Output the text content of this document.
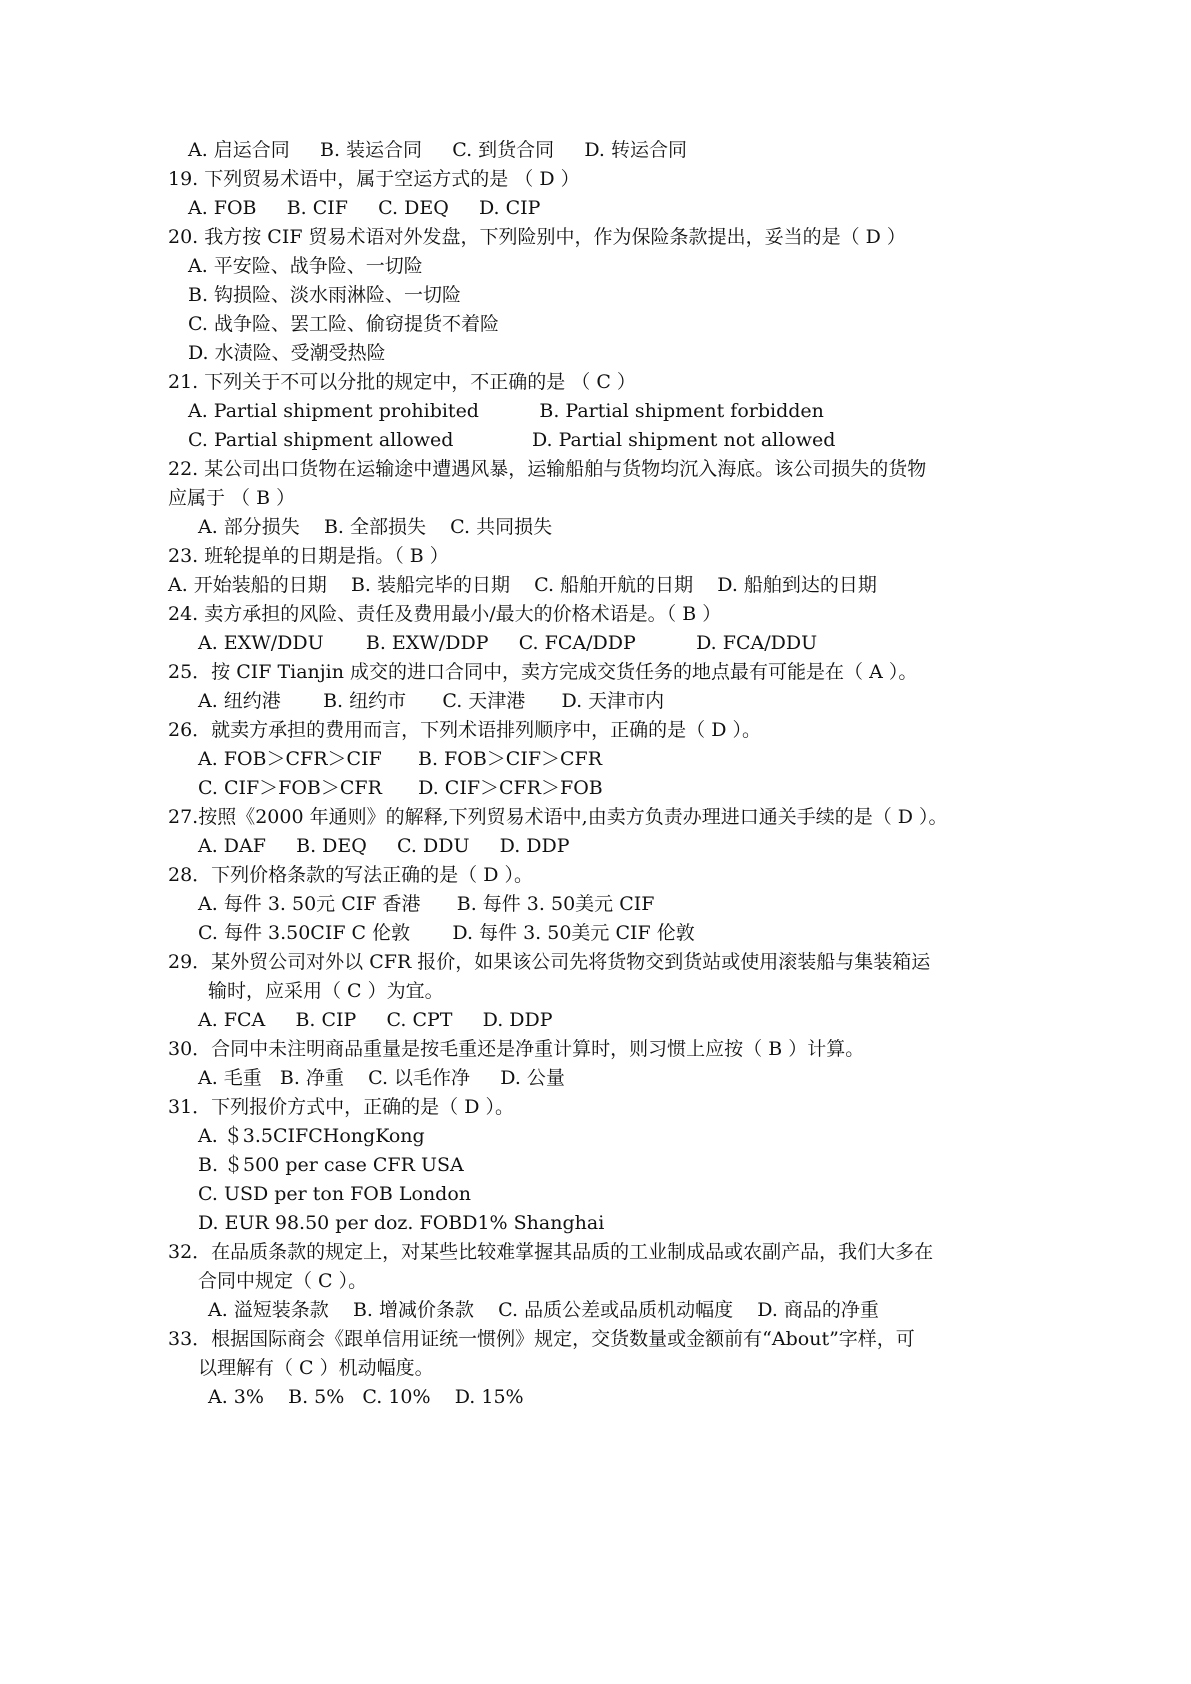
A. 启运合同     B. 装运合同     C. 到货合同     D. 转运合同
19. 下列贸易术语中，属于空运方式的是 （ D ）
A. FOB     B. CIF     C. DEQ     D. CIP
20. 我方按 CIF 贸易术语对外发盘，下列险别中，作为保险条款提出，妥当的是（ D ）
A. 平安险、战争险、一切险
B. 钩损险、淡水雨淋险、一切险
C. 战争险、罢工险、偷窃提货不着险
D. 水渍险、受潮受热险
21. 下列关于不可以分批的规定中，不正确的是 （ C ）
A. Partial shipment prohibited          B. Partial shipment forbidden
C. Partial shipment allowed             D. Partial shipment not allowed
22. 某公司出口货物在运输途中遭遇风暴，运输船舶与货物均沉入海底。该公司损失的货物
应属于 （ B ）
A. 部分损失    B. 全部损失    C. 共同损失
23. 班轮提单的日期是指。（ B ）
A. 开始装船的日期    B. 装船完毕的日期    C. 船舶开航的日期    D. 船舶到达的日期
24. 卖方承担的风险、责任及费用最小/最大的价格术语是。（ B ）
A. EXW/DDU       B. EXW/DDP     C. FCA/DDP          D. FCA/DDU
25．按 CIF Tianjin 成交的进口合同中，卖方完成交货任务的地点最有可能是在（ A ）。
A. 纽约港       B. 纽约市      C. 天津港      D. 天津市内
26．就卖方承担的费用而言，下列术语排列顺序中，正确的是（ D ）。
A. FOB＞CFR＞CIF      B. FOB＞CIF＞CFR
C. CIF＞FOB＞CFR      D. CIF＞CFR＞FOB
27.按照《2000 年通则》的解释,下列贸易术语中,由卖方负责办理进口通关手续的是（ D ）。
A. DAF     B. DEQ     C. DDU     D. DDP
28．下列价格条款的写法正确的是（ D ）。
A. 每件 3. 50元 CIF 香港      B. 每件 3. 50美元 CIF
C. 每件 3.50CIF C 伦敦       D. 每件 3. 50美元 CIF 伦敦
29．某外贸公司对外以 CFR 报价，如果该公司先将货物交到货站或使用滚装船与集装箱运
输时，应采用（ C ）为宜。
A. FCA     B. CIP     C. CPT     D. DDP
30．合同中未注明商品重量是按毛重还是净重计算时，则习惯上应按（ B ）计算。
A. 毛重   B. 净重    C. 以毛作净     D. 公量
31．下列报价方式中，正确的是（ D ）。
A. ＄3.5CIFCHongKong
B. ＄500 per case CFR USA
C. USD per ton FOB London
D. EUR 98.50 per doz. FOBD1% Shanghai
32．在品质条款的规定上，对某些比较难掌握其品质的工业制成品或农副产品，我们大多在
合同中规定（ C ）。
A. 溢短装条款    B. 增减价条款    C. 品质公差或品质机动幅度    D. 商品的净重
33．根据国际商会《跟单信用证统一惯例》规定，交货数量或金额前有“About”字样，可
以理解有（ C ）机动幅度。
A. 3%    B. 5%   C. 10%    D. 15%
